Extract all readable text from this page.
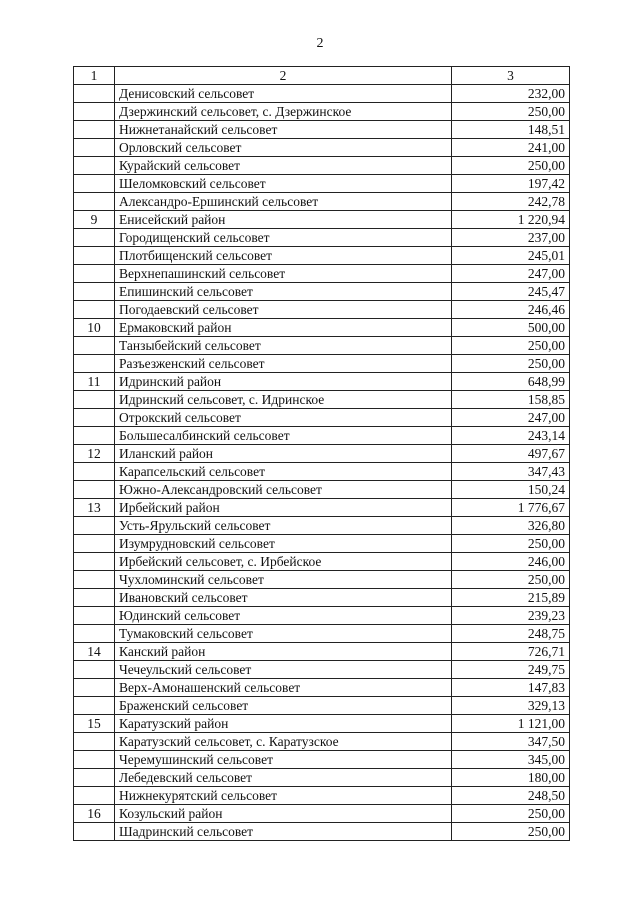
2
1	2	3
	Денисовский сельсовет	232,00
	Дзержинский сельсовет, с. Дзержинское	250,00
	Нижнетанайский сельсовет	148,51
	Орловский сельсовет	241,00
	Курайский сельсовет	250,00
	Шеломковский сельсовет	197,42
	Александро-Ершинский сельсовет	242,78
9	Енисейский район	1 220,94
	Городищенский сельсовет	237,00
	Плотбищенский сельсовет	245,01
	Верхнепашинский сельсовет	247,00
	Епишинский сельсовет	245,47
	Погодаевский сельсовет	246,46
10	Ермаковский район	500,00
	Танзыбейский сельсовет	250,00
	Разъезженский сельсовет	250,00
11	Идринский район	648,99
	Идринский сельсовет, с. Идринское	158,85
	Отрокский сельсовет	247,00
	Большесалбинский сельсовет	243,14
12	Иланский район	497,67
	Карапсельский сельсовет	347,43
	Южно-Александровский сельсовет	150,24
13	Ирбейский район	1 776,67
	Усть-Ярульский сельсовет	326,80
	Изумрудновский сельсовет	250,00
	Ирбейский сельсовет, с. Ирбейское	246,00
	Чухломинский сельсовет	250,00
	Ивановский сельсовет	215,89
	Юдинский сельсовет	239,23
	Тумаковский сельсовет	248,75
14	Канский район	726,71
	Чечеульский сельсовет	249,75
	Верх-Амонашенский сельсовет	147,83
	Браженский сельсовет	329,13
15	Каратузский район	1 121,00
	Каратузский сельсовет, с. Каратузское	347,50
	Черемушинский сельсовет	345,00
	Лебедевский сельсовет	180,00
	Нижнекурятский сельсовет	248,50
16	Козульский район	250,00
	Шадринский сельсовет	250,00
